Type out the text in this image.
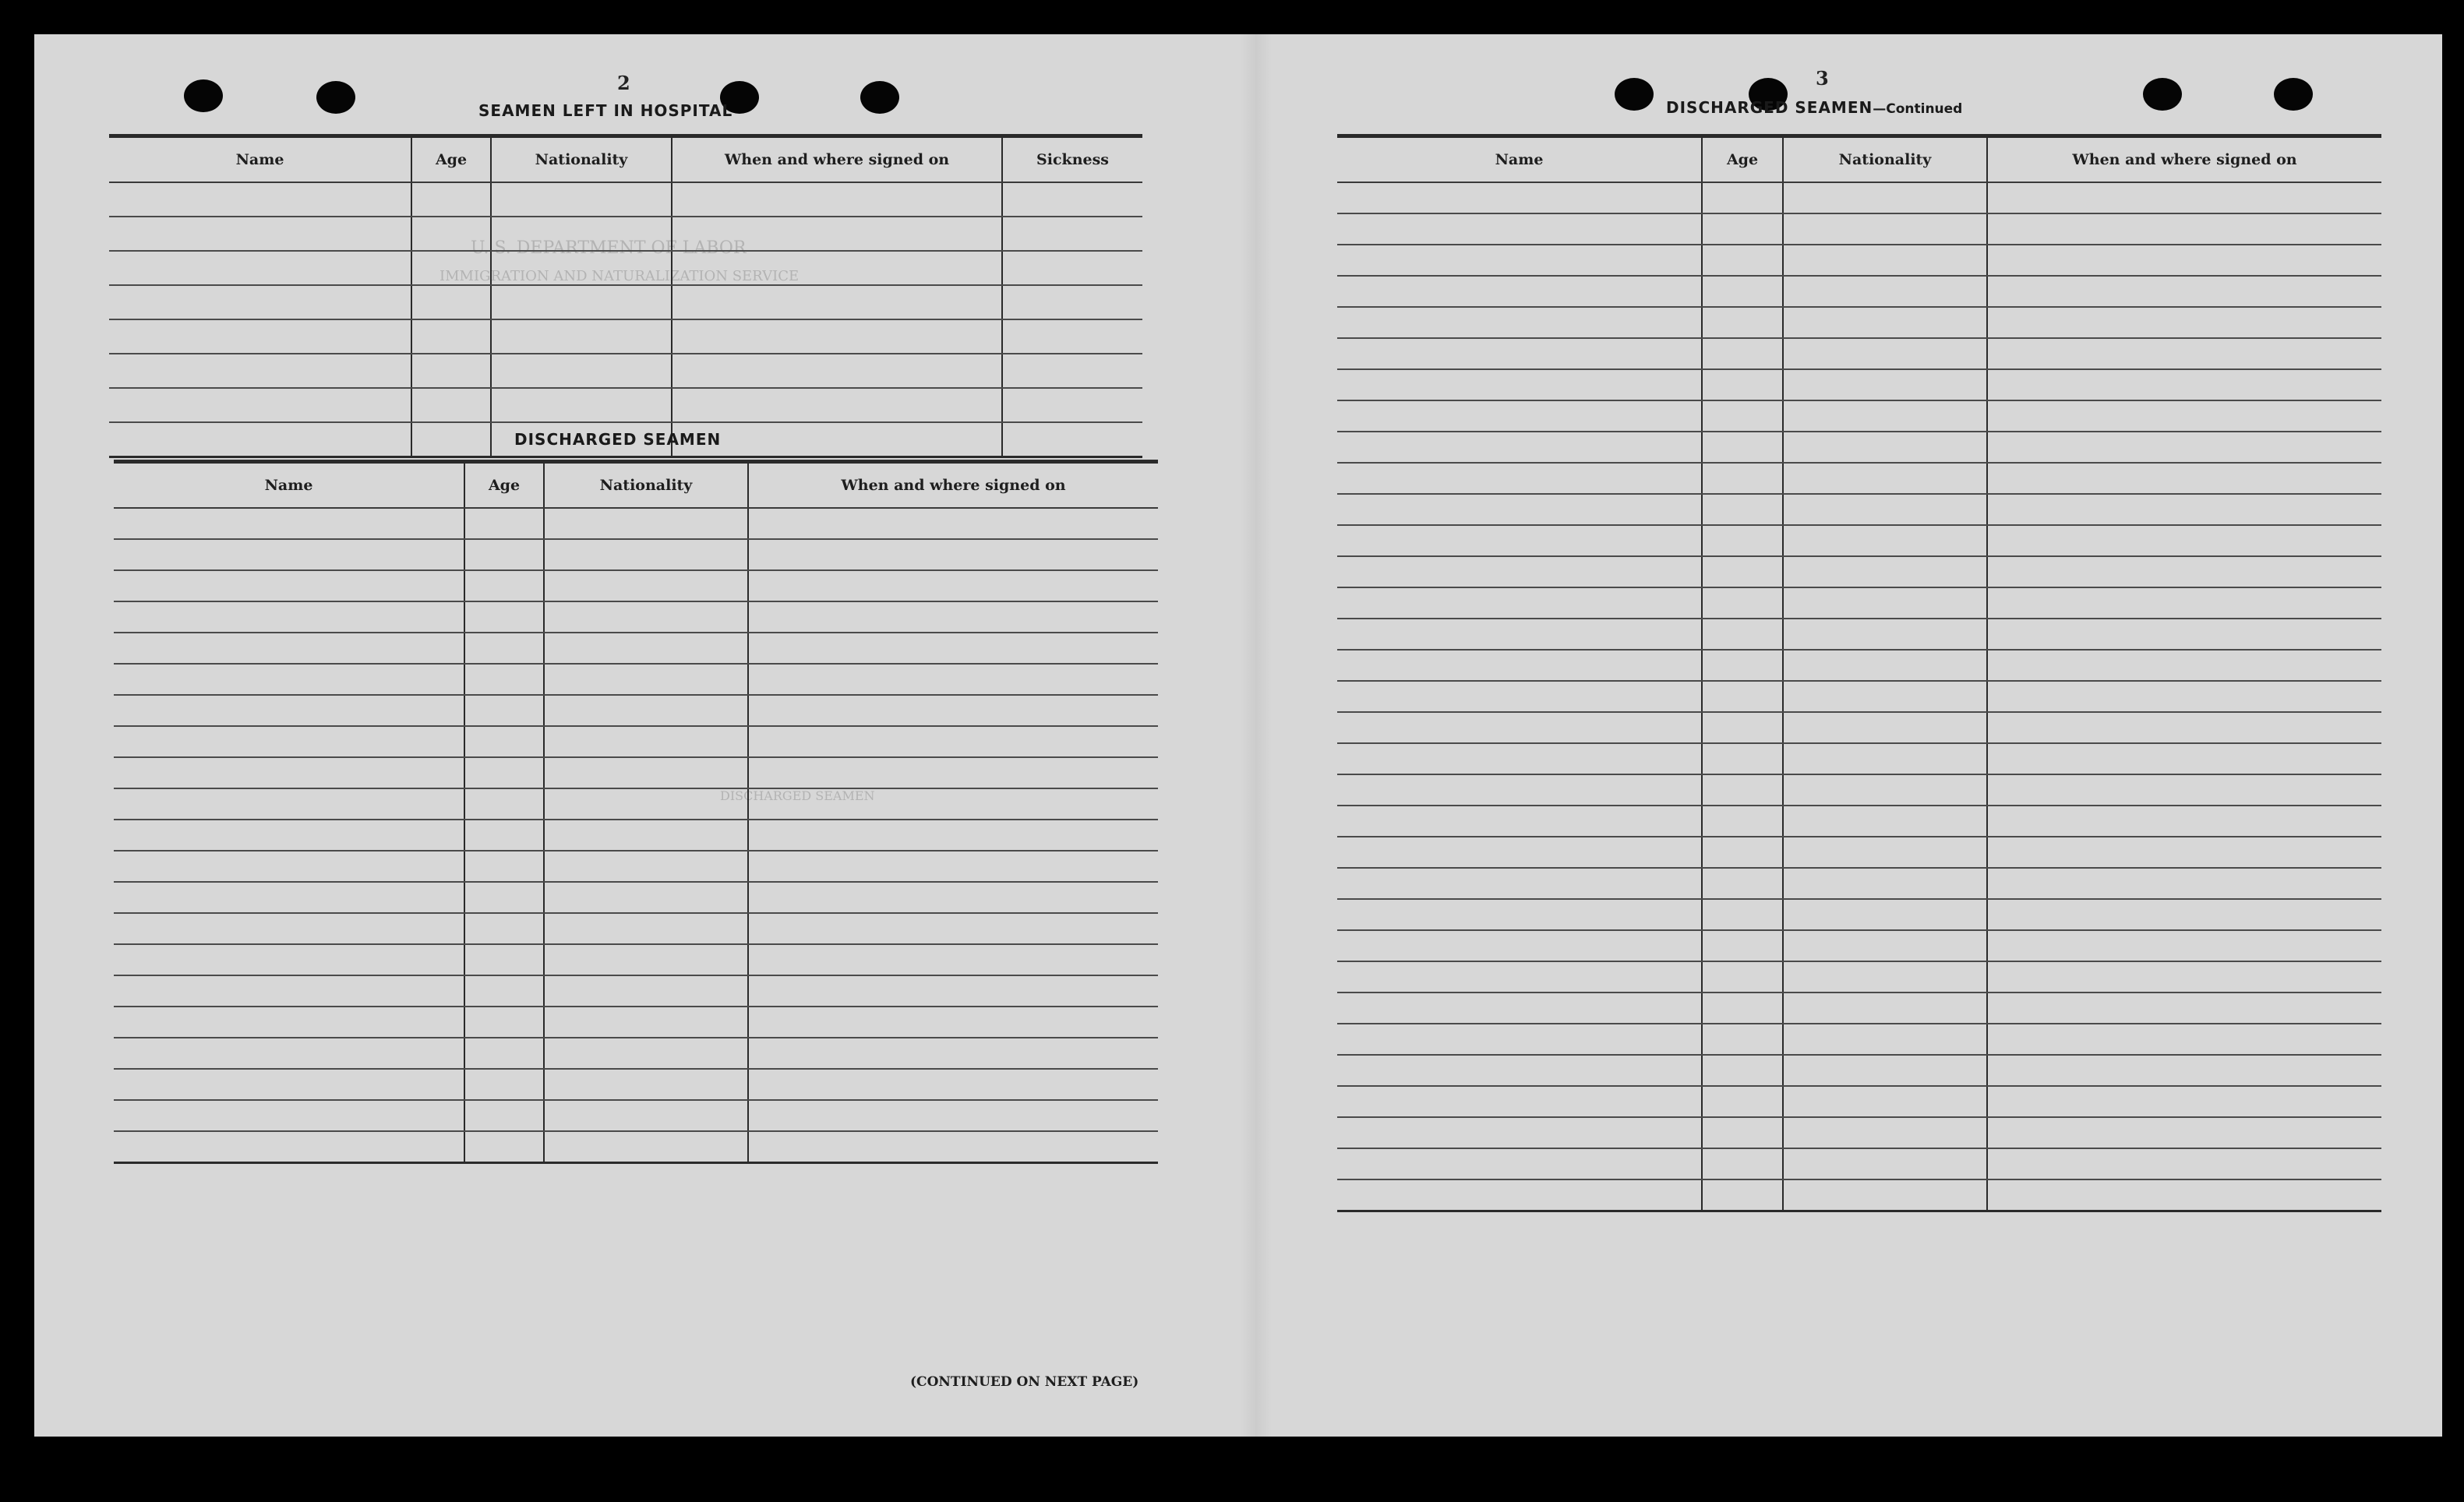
U. S. DEPARTMENT OF LABOR
IMMIGRATION AND NATURALIZATION SERVICE
DISCHARGED SEAMEN
2
SEAMEN LEFT IN HOSPITAL
Name	Age	Nationality	When and where signed on	Sickness

DISCHARGED SEAMEN
Name	Age	Nationality	When and where signed on

(CONTINUED ON NEXT PAGE)
3
DISCHARGED SEAMEN—Continued
Name	Age	Nationality	When and where signed on
